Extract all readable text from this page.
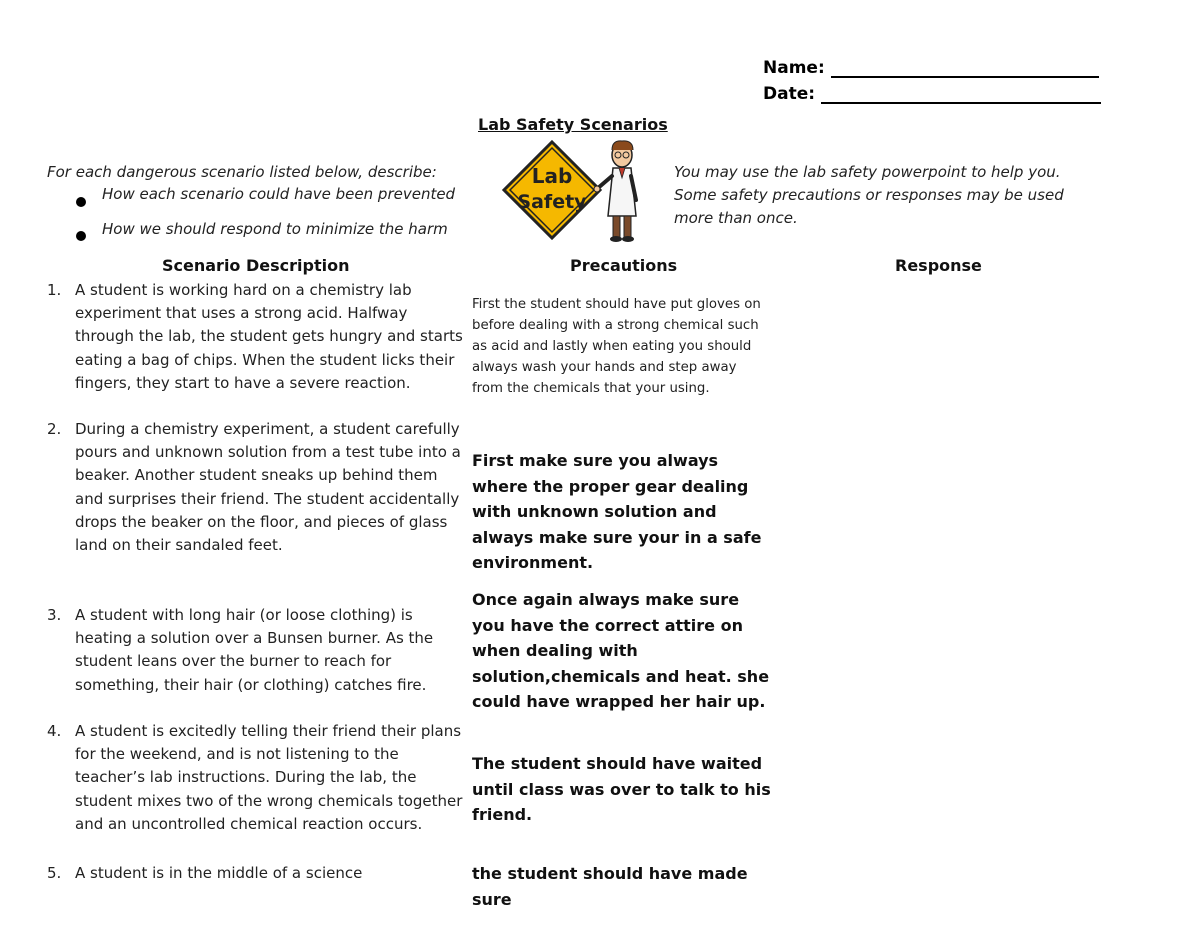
Name:
Date:
Lab Safety Scenarios
For each dangerous scenario listed below, describe:
How each scenario could have been prevented
How we should respond to minimize the harm
Lab
Safety
You may use the lab safety powerpoint to help you. Some safety precautions or responses may be used more than once.
Scenario Description	Precautions	Response
1. A student is working hard on a chemistry lab experiment that uses a strong acid. Halfway through the lab, the student gets hungry and starts eating a bag of chips. When the student licks their fingers, they start to have a severe reaction.
2. During a chemistry experiment, a student carefully pours and unknown solution from a test tube into a beaker. Another student sneaks up behind them and surprises their friend. The student accidentally drops the beaker on the floor, and pieces of glass land on their sandaled feet.
3. A student with long hair (or loose clothing) is heating a solution over a Bunsen burner. As the student leans over the burner to reach for something, their hair (or clothing) catches fire.
4. A student is excitedly telling their friend their plans for the weekend, and is not listening to the teacher’s lab instructions. During the lab, the student mixes two of the wrong chemicals together and an uncontrolled chemical reaction occurs.
5. A student is in the middle of a science
First the student should have put gloves on before dealing with a strong chemical such as acid and lastly when eating you should always wash your hands and step away from the chemicals that your using.
First make sure you always where the proper gear dealing with unknown solution and always make sure your in a safe environment.
Once again always make sure you have the correct attire on when dealing with solution,chemicals and heat. she could have wrapped her hair up.
The student should have waited until class was over to talk to his friend.
the student should have made sure
